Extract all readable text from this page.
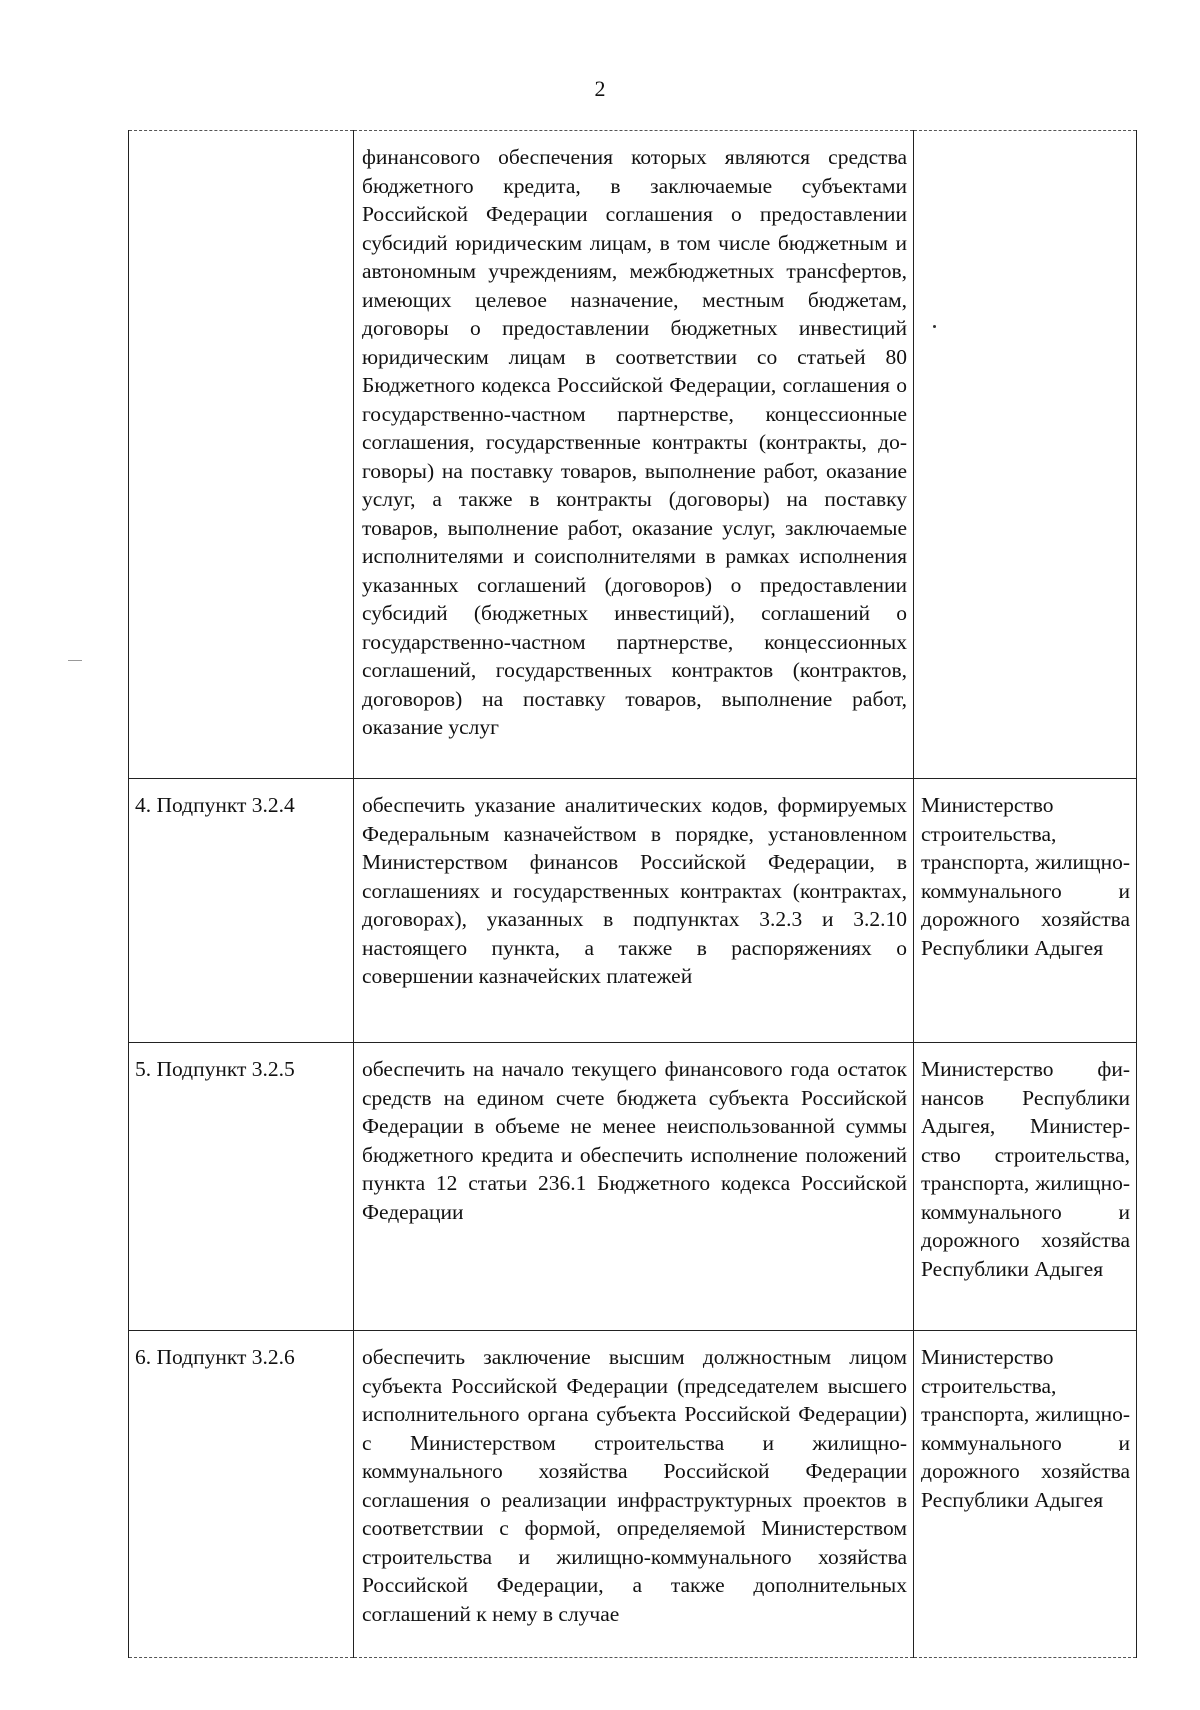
2
	финансового обеспечения которых являются средства бюджетного кредита, в заключаемые субъектами Российской Федерации соглашения о предоставлении субсидий юридическим лицам, в том числе бюджетным и автономным учреждениям, межбюджетных трансфертов, имеющих целевое назначение, местным бюджетам, договоры о предоставлении бюджетных инвестиций юридическим лицам в соответствии со статьей 80 Бюджетного кодекса Российской Федерации, соглашения о государственно-частном партнерстве, концессионные соглашения, государственные контракты (контракты, договоры) на поставку товаров, выполнение работ, оказание услуг, а также в контракты (договоры) на поставку товаров, выполнение работ, оказание услуг, заключаемые исполнителями и соисполнителями в рамках исполнения указанных соглашений (договоров) о предоставлении субсидий (бюджетных инвестиций), соглашений о государственно-частном партнерстве, концессионных соглашений, государственных контрактов (контрактов, договоров) на поставку товаров, выполнение работ, оказание услуг	
4. Подпункт 3.2.4	обеспечить указание аналитических кодов, формируемых Федеральным казначейством в порядке, установленном Министерством финансов Российской Федерации, в соглашениях и государственных контрактах (контрактах, договорах), указанных в подпунктах 3.2.3 и 3.2.10 настоящего пункта, а также в распоряжениях о совершении казначейских платежей	Министерство строительства, транспорта, жилищно-коммунального и дорожного хозяйства Республики Адыгея
5. Подпункт 3.2.5	обеспечить на начало текущего финансового года остаток средств на едином счете бюджета субъекта Российской Федерации в объеме не менее неиспользованной суммы бюджетного кредита и обеспечить исполнение положений пункта 12 статьи 236.1 Бюджетного кодекса Российской Федерации	Министерство финансов Республики Адыгея, Министерство строительства, транспорта, жилищно-коммунального и дорожного хозяйства Республики Адыгея
6. Подпункт 3.2.6	обеспечить заключение высшим должностным лицом субъекта Российской Федерации (председателем высшего исполнительного органа субъекта Российской Федерации) с Министерством строительства и жилищно-коммунального хозяйства Российской Федерации соглашения о реализации инфраструктурных проектов в соответствии с формой, определяемой Министерством строительства и жилищно-коммунального хозяйства Российской Федерации, а также дополнительных соглашений к нему в случае	Министерство строительства, транспорта, жилищно-коммунального и дорожного хозяйства Республики Адыгея
